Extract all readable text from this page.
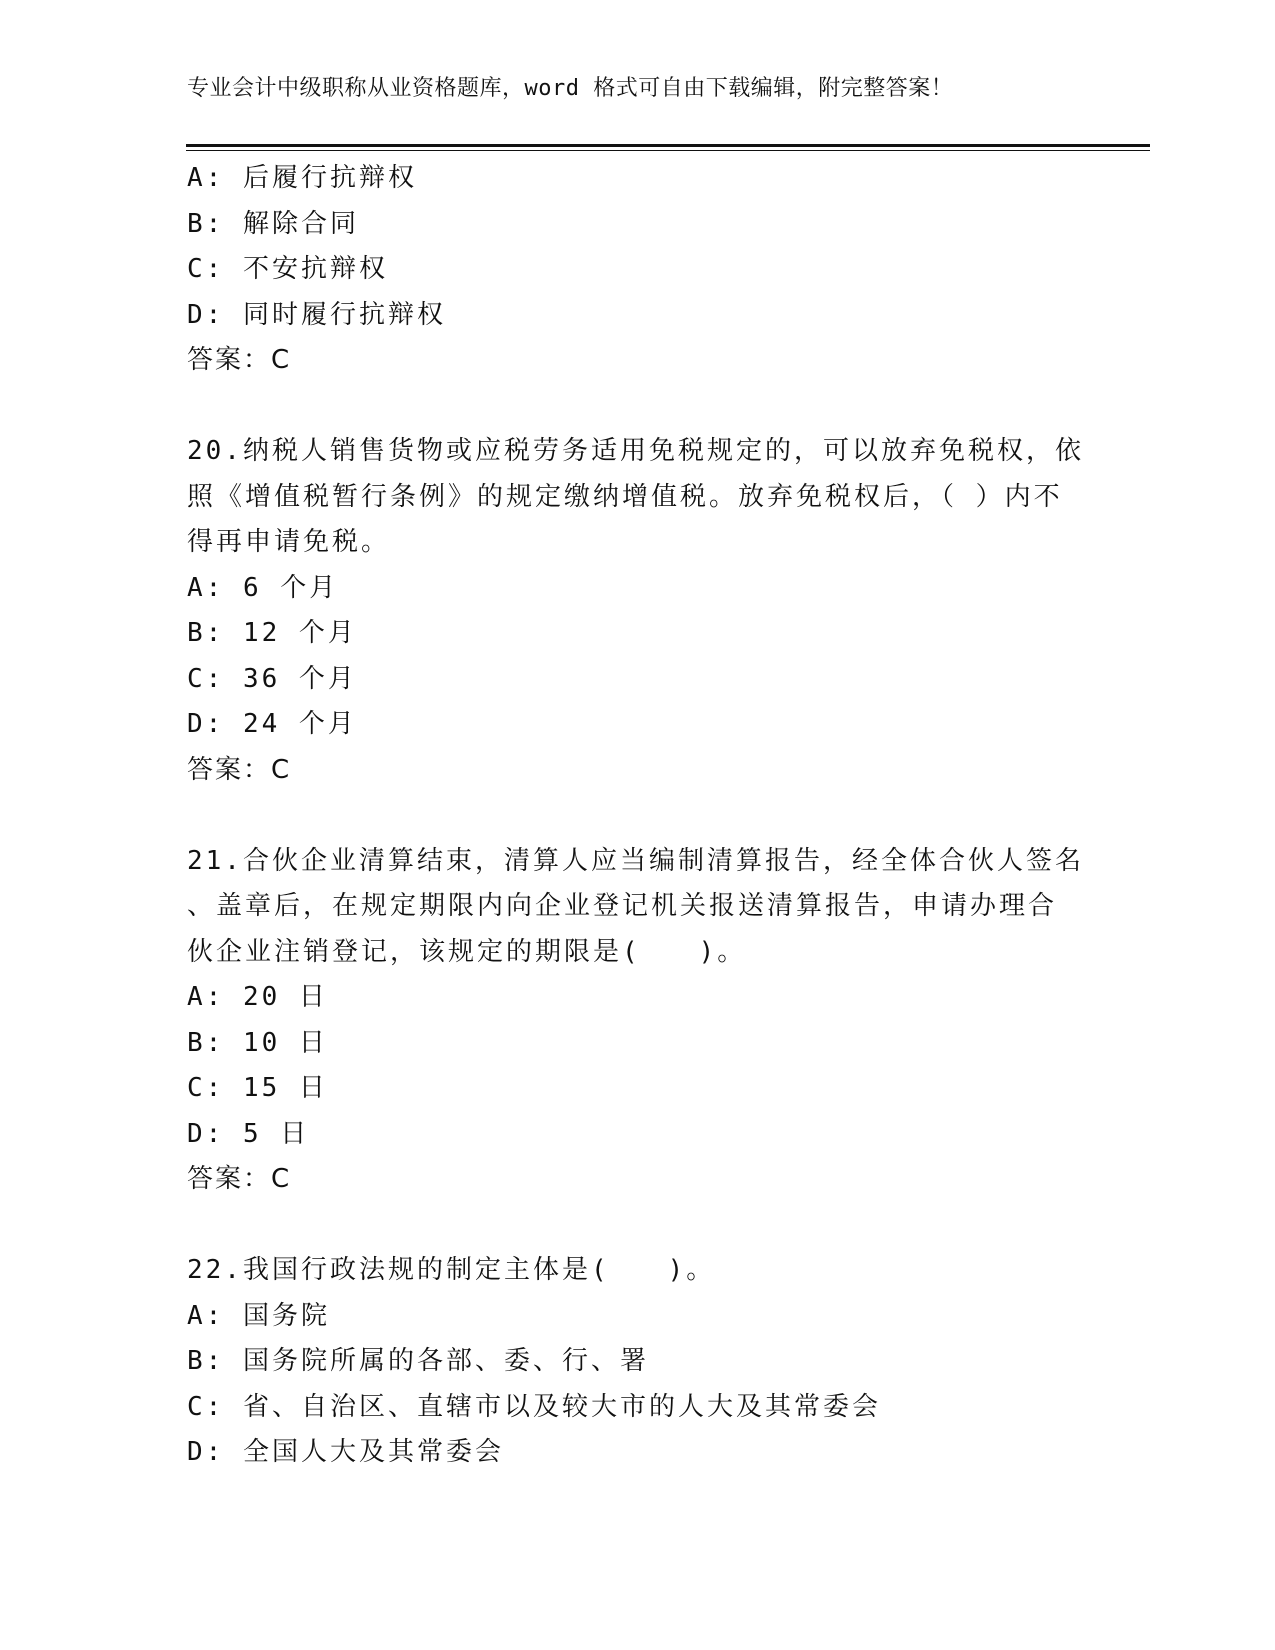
专业会计中级职称从业资格题库，word 格式可自由下载编辑，附完整答案！
A: 后履行抗辩权
B: 解除合同
C: 不安抗辩权
D: 同时履行抗辩权
答案：C
20.纳税人销售货物或应税劳务适用免税规定的，可以放弃免税权，依
照《增值税暂行条例》的规定缴纳增值税。放弃免税权后，（ ）内不
得再申请免税。
A: 6 个月
B: 12 个月
C: 36 个月
D: 24 个月
答案：C
21.合伙企业清算结束，清算人应当编制清算报告，经全体合伙人签名
、盖章后，在规定期限内向企业登记机关报送清算报告，申请办理合
伙企业注销登记，该规定的期限是(　　)。
A: 20 日
B: 10 日
C: 15 日
D: 5 日
答案：C
22.我国行政法规的制定主体是(　　)。
A: 国务院
B: 国务院所属的各部、委、行、署
C: 省、自治区、直辖市以及较大市的人大及其常委会
D: 全国人大及其常委会
